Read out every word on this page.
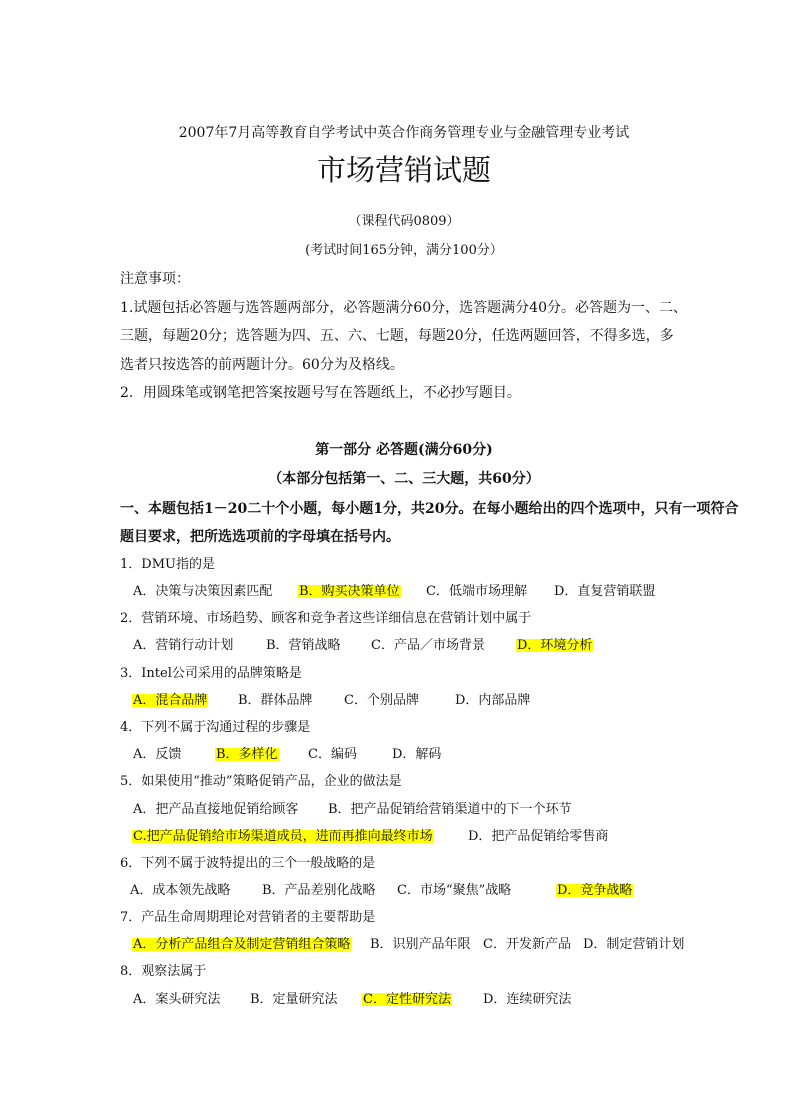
2007年7月高等教育自学考试中英合作商务管理专业与金融管理专业考试
市场营销试题
（课程代码0809）
(考试时间165分钟，满分100分）
注意事项：
1.试题包括必答题与选答题两部分，必答题满分60分，选答题满分40分。必答题为一、二、
三题，每题20分；选答题为四、五、六、七题，每题20分，任选两题回答，不得多选，多
选者只按选答的前两题计分。60分为及格线。
2．用圆珠笔或钢笔把答案按题号写在答题纸上，不必抄写题目。
第一部分 必答题(满分60分)
（本部分包括第一、二、三大题，共60分）
一、本题包括1－20二十个小题，每小题1分，共20分。在每小题给出的四个选项中，只有一项符合
题目要求，把所选选项前的字母填在括号内。
1．DMU指的是
A．决策与决策因素匹配 B．购买决策单位 C．低端市场理解 D．直复营销联盟
2．营销环境、市场趋势、顾客和竞争者这些详细信息在营销计划中属于
A．营销行动计划	B．营销战略 C．产品／市场背景 D．环境分析
3．Intel公司采用的品牌策略是
A．混合品牌 B．群体品牌 C．个别品牌	D．内部品牌
4．下列不属于沟通过程的步骤是
A．反馈	B．多样化 C．编码	D．解码
5．如果使用“推动”策略促销产品，企业的做法是
A．把产品直接地促销给顾客 B．把产品促销给营销渠道中的下一个环节
C.把产品促销给市场渠道成员，进而再推向最终市场	D．把产品促销给零售商
6．下列不属于波特提出的三个一般战略的是
A．成本领先战略 B．产品差别化战略 C．市场“聚焦”战略	D．竞争战略
7．产品生命周期理论对营销者的主要帮助是
A．分析产品组合及制定营销组合策略 B．识别产品年限 C．开发新产品 D．制定营销计划
8．观察法属于
A．案头研究法 B．定量研究法 C．定性研究法 D．连续研究法
